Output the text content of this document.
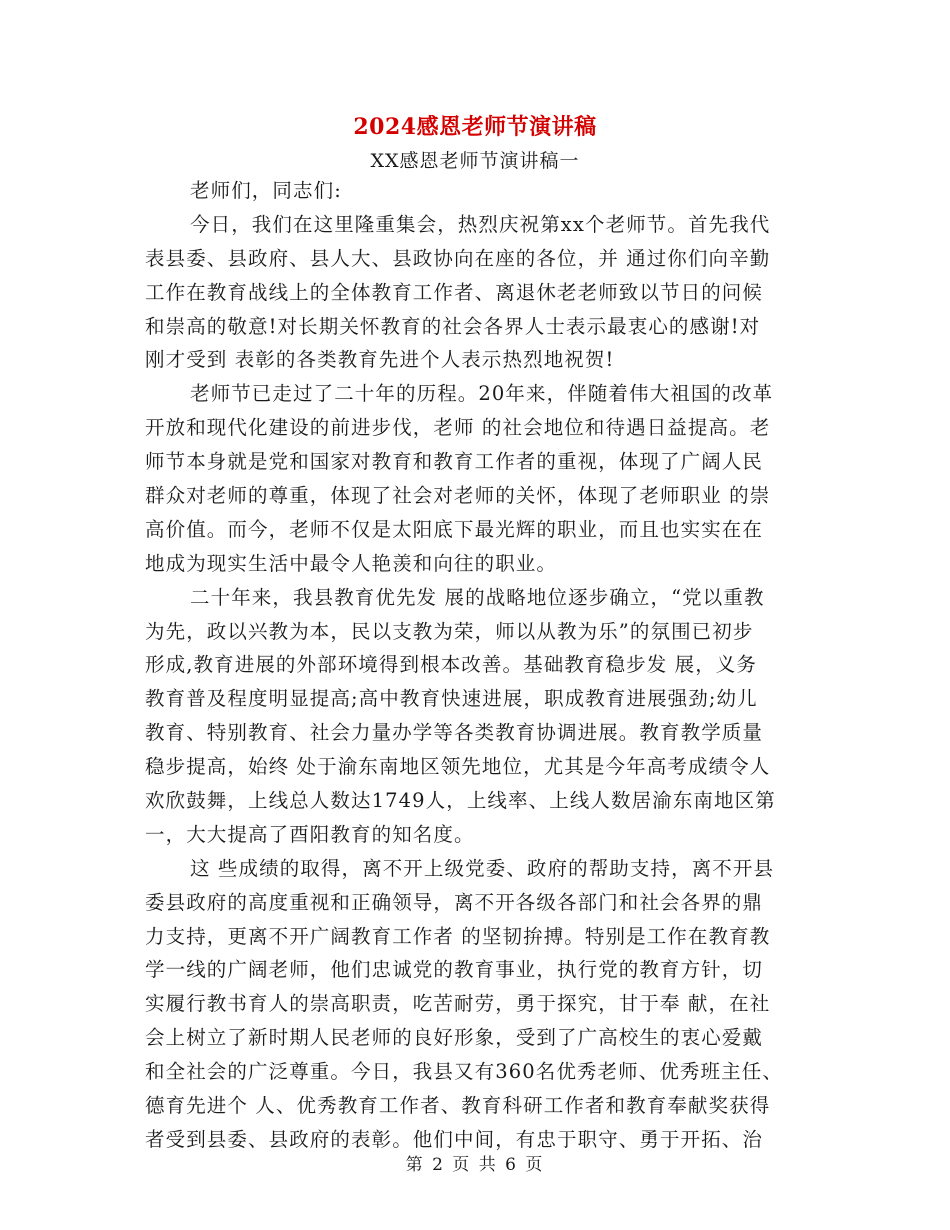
2024感恩老师节演讲稿
XX感恩老师节演讲稿一
老师们，同志们:
今日，我们在这里隆重集会，热烈庆祝第xx个老师节。首先我代
表县委、县政府、县人大、县政协向在座的各位，并 通过你们向辛勤
工作在教育战线上的全体教育工作者、离退休老老师致以节日的问候
和崇高的敬意!对长期关怀教育的社会各界人士表示最衷心的感谢!对
刚才受到 表彰的各类教育先进个人表示热烈地祝贺!
老师节已走过了二十年的历程。20年来，伴随着伟大祖国的改革
开放和现代化建设的前进步伐，老师 的社会地位和待遇日益提高。老
师节本身就是党和国家对教育和教育工作者的重视，体现了广阔人民
群众对老师的尊重，体现了社会对老师的关怀，体现了老师职业 的崇
高价值。而今，老师不仅是太阳底下最光辉的职业，而且也实实在在
地成为现实生活中最令人艳羡和向往的职业。
二十年来，我县教育优先发 展的战略地位逐步确立，“党以重教
为先，政以兴教为本，民以支教为荣，师以从教为乐”的氛围已初步
形成,教育进展的外部环境得到根本改善。基础教育稳步发 展，义务
教育普及程度明显提高;高中教育快速进展，职成教育进展强劲;幼儿
教育、特别教育、社会力量办学等各类教育协调进展。教育教学质量
稳步提高，始终 处于渝东南地区领先地位，尤其是今年高考成绩令人
欢欣鼓舞，上线总人数达1749人，上线率、上线人数居渝东南地区第
一，大大提高了酉阳教育的知名度。
这 些成绩的取得，离不开上级党委、政府的帮助支持，离不开县
委县政府的高度重视和正确领导，离不开各级各部门和社会各界的鼎
力支持，更离不开广阔教育工作者 的坚韧拚搏。特别是工作在教育教
学一线的广阔老师，他们忠诚党的教育事业，执行党的教育方针，切
实履行教书育人的崇高职责，吃苦耐劳，勇于探究，甘于奉 献，在社
会上树立了新时期人民老师的良好形象，受到了广高校生的衷心爱戴
和全社会的广泛尊重。今日，我县又有360名优秀老师、优秀班主任、
德育先进个 人、优秀教育工作者、教育科研工作者和教育奉献奖获得
者受到县委、县政府的表彰。他们中间，有忠于职守、勇于开拓、治
第 2 页 共 6 页
